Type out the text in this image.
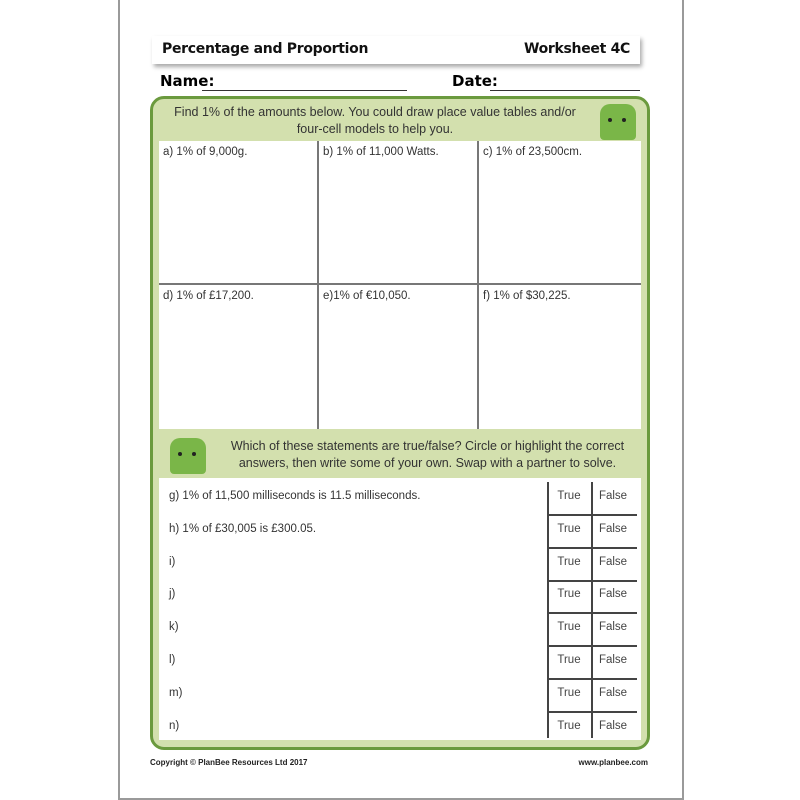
Percentage and Proportion	Worksheet 4C
Name:	Date:
Find 1% of the amounts below. You could draw place value tables and/or
four-cell models to help you.
a) 1% of 9,000g.	b) 1% of 11,000 Watts.	c) 1% of 23,500cm.
d) 1% of £17,200.	e)1% of €10,050.	f) 1% of $30,225.
Which of these statements are true/false? Circle or highlight the correct
answers, then write some of your own. Swap with a partner to solve.
g) 1% of 11,500 milliseconds is 11.5 milliseconds.	True	False
h) 1% of £30,005 is £300.05.	True	False
i)	True	False
j)	True	False
k)	True	False
l)	True	False
m)	True	False
n)	True	False
Copyright © PlanBee Resources Ltd 2017	www.planbee.com
